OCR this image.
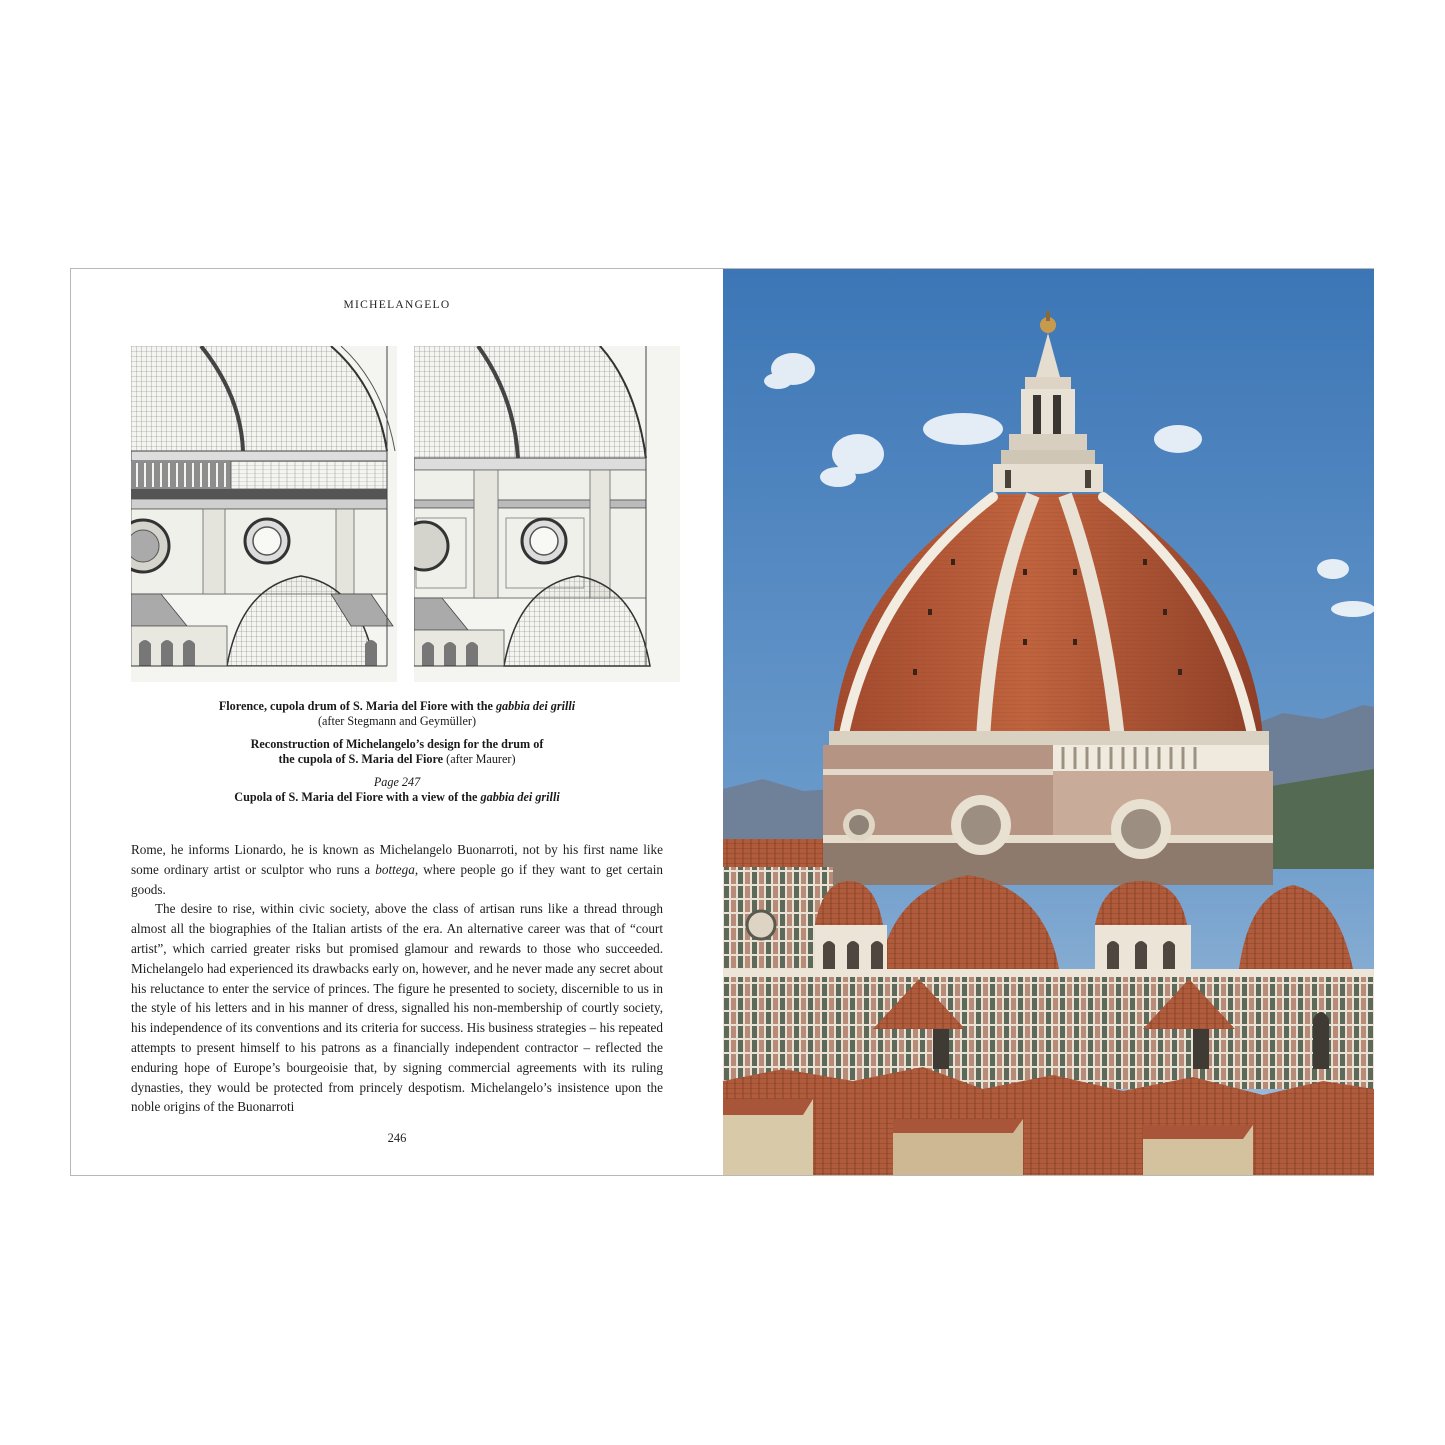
MICHELANGELO
Florence, cupola drum of S. Maria del Fiore with the gabbia dei grilli
(after Stegmann and Geymüller)
Reconstruction of Michelangelo’s design for the drum of the cupola of S. Maria del Fiore (after Maurer)
Page 247
Cupola of S. Maria del Fiore with a view of the gabbia dei grilli

Rome, he informs Lionardo, he is known as Michelangelo Buonarroti, not by his first name like some ordinary artist or sculptor who runs a bottega, where people go if they want to get certain goods.

The desire to rise, within civic society, above the class of artisan runs like a thread through almost all the biographies of the Italian artists of the era. An alternative career was that of “court artist”, which carried greater risks but promised glamour and rewards to those who succeeded. Michelangelo had experienced its drawbacks early on, however, and he never made any secret about his reluctance to enter the service of princes. The figure he presented to society, discernible to us in the style of his letters and in his manner of dress, signalled his non-membership of courtly society, his independence of its conventions and its criteria for success. His business strategies – his repeated attempts to present himself to his patrons as a financially independent contractor – reflected the enduring hope of Europe’s bourgeoisie that, by signing commercial agreements with its ruling dynasties, they would be protected from princely despotism. Michelangelo’s insistence upon the noble origins of the Buonarroti

246
